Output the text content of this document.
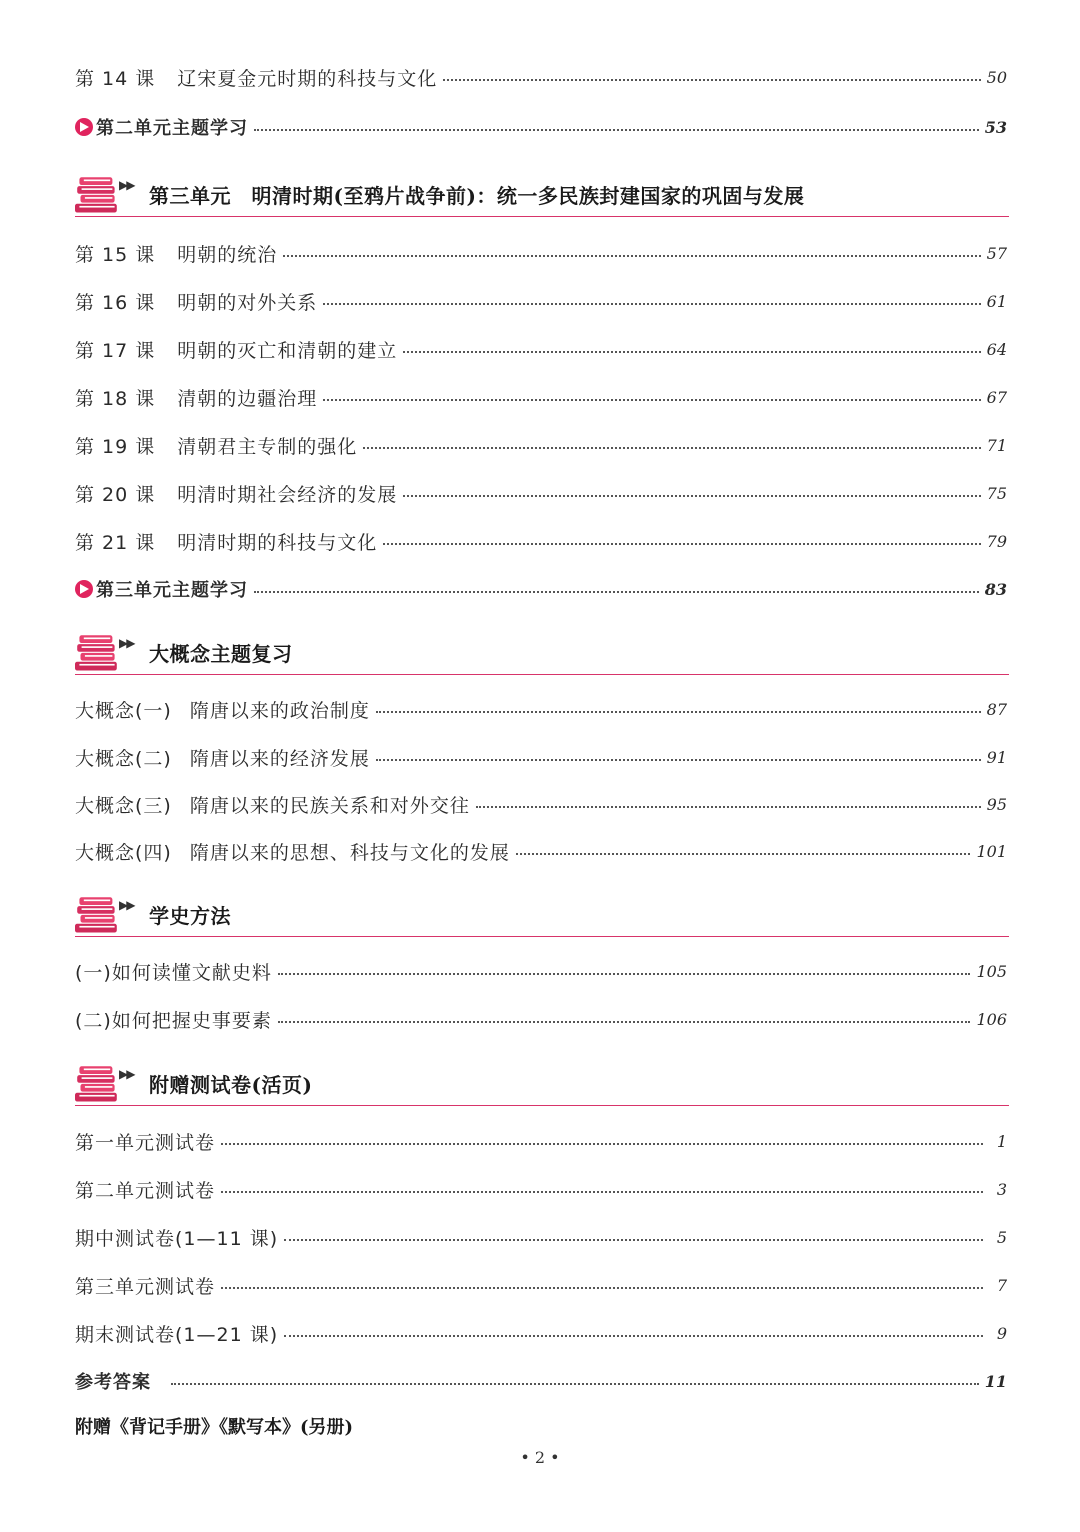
第 14 课 辽宋夏金元时期的科技与文化	50
第二单元主题学习	53
▶▶ 第三单元　明清时期(至鸦片战争前)：统一多民族封建国家的巩固与发展
第 15 课 明朝的统治	57
第 16 课 明朝的对外关系	61
第 17 课 明朝的灭亡和清朝的建立	64
第 18 课 清朝的边疆治理	67
第 19 课 清朝君主专制的强化	71
第 20 课 明清时期社会经济的发展	75
第 21 课 明清时期的科技与文化	79
第三单元主题学习	83
▶▶ 大概念主题复习
大概念(一) 隋唐以来的政治制度	87
大概念(二) 隋唐以来的经济发展	91
大概念(三) 隋唐以来的民族关系和对外交往	95
大概念(四) 隋唐以来的思想、科技与文化的发展	101
▶▶ 学史方法
(一)如何读懂文献史料	105
(二)如何把握史事要素	106
▶▶ 附赠测试卷(活页)
第一单元测试卷	1
第二单元测试卷	3
期中测试卷(1—11 课)	5
第三单元测试卷	7
期末测试卷(1—21 课)	9
参考答案	11
附赠《背记手册》《默写本》(另册)
• 2 •
